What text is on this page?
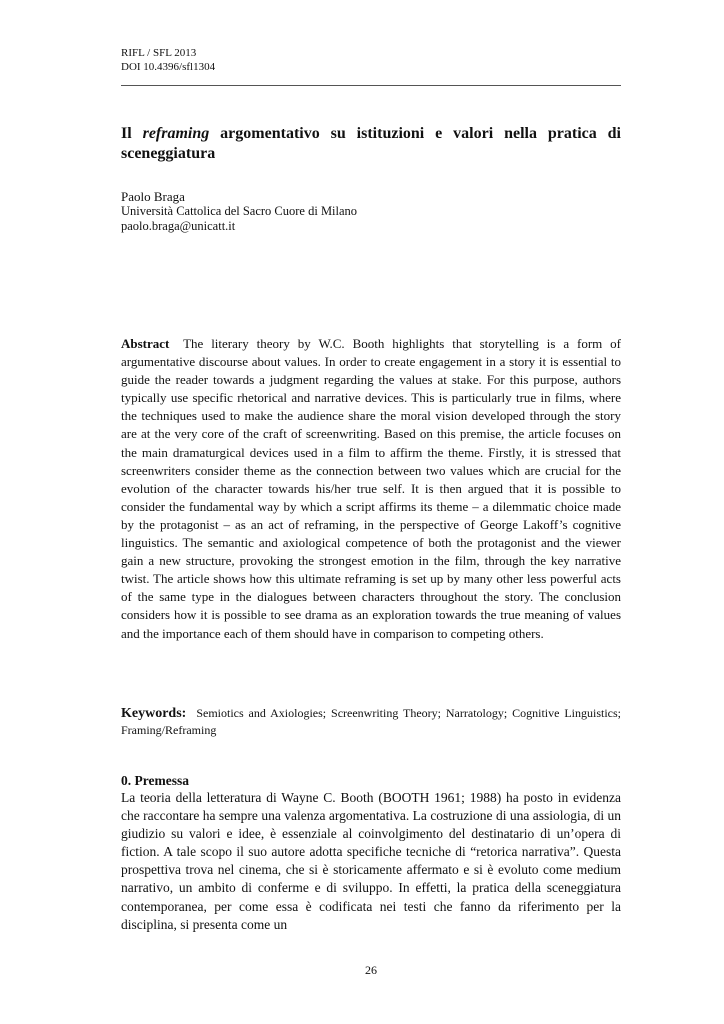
RIFL / SFL 2013
DOI 10.4396/sfl1304
Il reframing argomentativo su istituzioni e valori nella pratica di sceneggiatura
Paolo Braga
Università Cattolica del Sacro Cuore di Milano
paolo.braga@unicatt.it

Abstract The literary theory by W.C. Booth highlights that storytelling is a form of argumentative discourse about values. In order to create engagement in a story it is essential to guide the reader towards a judgment regarding the values at stake. For this purpose, authors typically use specific rhetorical and narrative devices. This is particularly true in films, where the techniques used to make the audience share the moral vision developed through the story are at the very core of the craft of screenwriting. Based on this premise, the article focuses on the main dramaturgical devices used in a film to affirm the theme. Firstly, it is stressed that screenwriters consider theme as the connection between two values which are crucial for the evolution of the character towards his/her true self. It is then argued that it is possible to consider the fundamental way by which a script affirms its theme – a dilemmatic choice made by the protagonist – as an act of reframing, in the perspective of George Lakoff’s cognitive linguistics. The semantic and axiological competence of both the protagonist and the viewer gain a new structure, provoking the strongest emotion in the film, through the key narrative twist. The article shows how this ultimate reframing is set up by many other less powerful acts of the same type in the dialogues between characters throughout the story. The conclusion considers how it is possible to see drama as an exploration towards the true meaning of values and the importance each of them should have in comparison to competing others.

Keywords: Semiotics and Axiologies; Screenwriting Theory; Narratology; Cognitive Linguistics; Framing/Reframing

0. Premessa

La teoria della letteratura di Wayne C. Booth (BOOTH 1961; 1988) ha posto in evidenza che raccontare ha sempre una valenza argomentativa. La costruzione di una assiologia, di un giudizio su valori e idee, è essenziale al coinvolgimento del destinatario di un’opera di fiction. A tale scopo il suo autore adotta specifiche tecniche di “retorica narrativa”. Questa prospettiva trova nel cinema, che si è storicamente affermato e si è evoluto come medium narrativo, un ambito di conferme e di sviluppo. In effetti, la pratica della sceneggiatura contemporanea, per come essa è codificata nei testi che fanno da riferimento per la disciplina, si presenta come un

26
